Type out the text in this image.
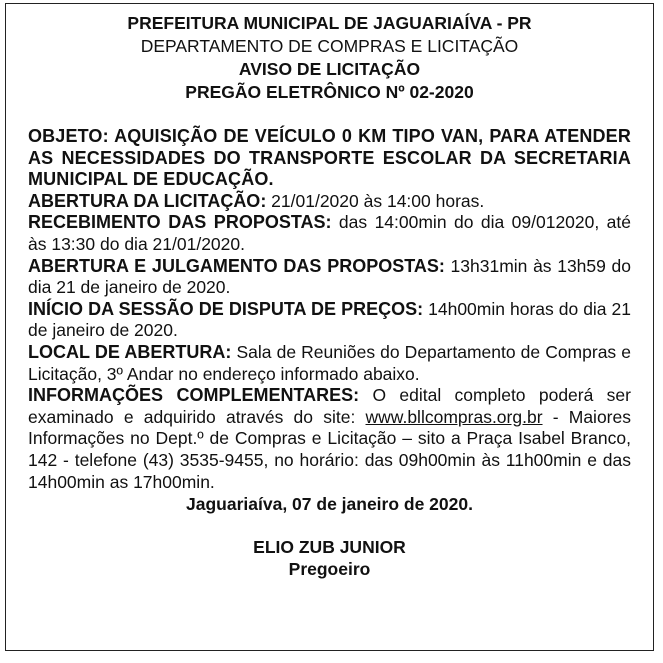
PREFEITURA MUNICIPAL DE JAGUARIAÍVA - PR

DEPARTAMENTO DE COMPRAS E LICITAÇÃO

AVISO DE LICITAÇÃO

PREGÃO ELETRÔNICO Nº 02-2020

OBJETO: AQUISIÇÃO DE VEÍCULO 0 KM TIPO VAN, PARA ATENDER AS NECESSIDADES DO TRANSPORTE ESCOLAR DA SECRETARIA MUNICIPAL DE EDUCAÇÃO.

ABERTURA DA LICITAÇÃO: 21/01/2020 às 14:00 horas.

RECEBIMENTO DAS PROPOSTAS: das 14:00min do dia 09/012020, até às 13:30 do dia 21/01/2020.

ABERTURA E JULGAMENTO DAS PROPOSTAS: 13h31min às 13h59 do dia 21 de janeiro de 2020.

INÍCIO DA SESSÃO DE DISPUTA DE PREÇOS: 14h00min horas do dia 21 de janeiro de 2020.

LOCAL DE ABERTURA: Sala de Reuniões do Departamento de Compras e Licitação, 3º Andar no endereço informado abaixo.

INFORMAÇÕES COMPLEMENTARES: O edital completo poderá ser examinado e adquirido através do site: www.bllcompras.org.br - Maiores Informações no Dept.º de Compras e Licitação – sito a Praça Isabel Branco, 142 - telefone (43) 3535-9455, no horário: das 09h00min às 11h00min e das 14h00min as 17h00min.

Jaguariaíva, 07 de janeiro de 2020.

ELIO ZUB JUNIOR

Pregoeiro
